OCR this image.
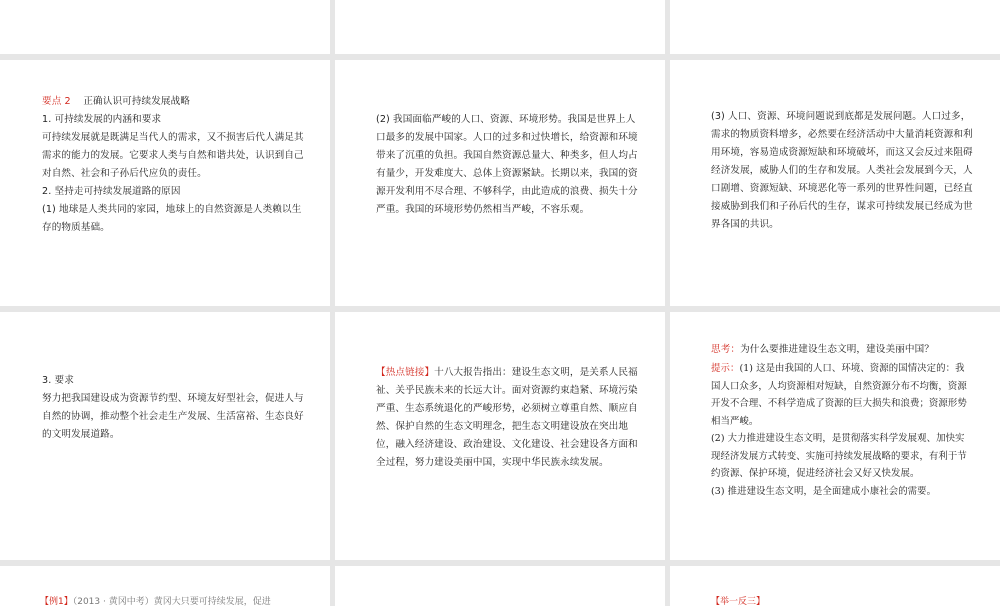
要点 2 正确认识可持续发展战略

1. 可持续发展的内涵和要求

可持续发展就是既满足当代人的需求，又不损害后代人满足其

需求的能力的发展。它要求人类与自然和谐共处，认识到自己

对自然、社会和子孙后代应负的责任。

2. 坚持走可持续发展道路的原因

(1) 地球是人类共同的家园，地球上的自然资源是人类赖以生

存的物质基础。

(2) 我国面临严峻的人口、资源、环境形势。我国是世界上人

口最多的发展中国家。人口的过多和过快增长，给资源和环境

带来了沉重的负担。我国自然资源总量大、种类多，但人均占

有量少，开发难度大、总体上资源紧缺。长期以来，我国的资

源开发利用不尽合理、不够科学，由此造成的浪费、损失十分

严重。我国的环境形势仍然相当严峻，不容乐观。

(3) 人口、资源、环境问题说到底都是发展问题。人口过多，

需求的物质资料增多，必然要在经济活动中大量消耗资源和利

用环境，容易造成资源短缺和环境破坏，而这又会反过来阻碍

经济发展，威胁人们的生存和发展。人类社会发展到今天，人

口剧增、资源短缺、环境恶化等一系列的世界性问题，已经直

接威胁到我们和子孙后代的生存，谋求可持续发展已经成为世

界各国的共识。

3. 要求

努力把我国建设成为资源节约型、环境友好型社会，促进人与

自然的协调，推动整个社会走生产发展、生活富裕、生态良好

的文明发展道路。

【热点链接】十八大报告指出：建设生态文明，是关系人民福

祉、关乎民族未来的长远大计。面对资源约束趋紧、环境污染

严重、生态系统退化的严峻形势，必须树立尊重自然、顺应自

然、保护自然的生态文明理念，把生态文明建设放在突出地

位，融入经济建设、政治建设、文化建设、社会建设各方面和

全过程，努力建设美丽中国，实现中华民族永续发展。

思考：为什么要推进建设生态文明，建设美丽中国？

提示：(1) 这是由我国的人口、环境、资源的国情决定的：我

国人口众多，人均资源相对短缺，自然资源分布不均衡，资源

开发不合理、不科学造成了资源的巨大损失和浪费；资源形势

相当严峻。

(2) 大力推进建设生态文明，是贯彻落实科学发展观、加快实

现经济发展方式转变、实施可持续发展战略的要求，有利于节

约资源、保护环境，促进经济社会又好又快发展。

(3) 推进建设生态文明，是全面建成小康社会的需要。

【例1】（2013 · 黄冈中考）黄冈大只要可持续发展，促进	【举一反三】
